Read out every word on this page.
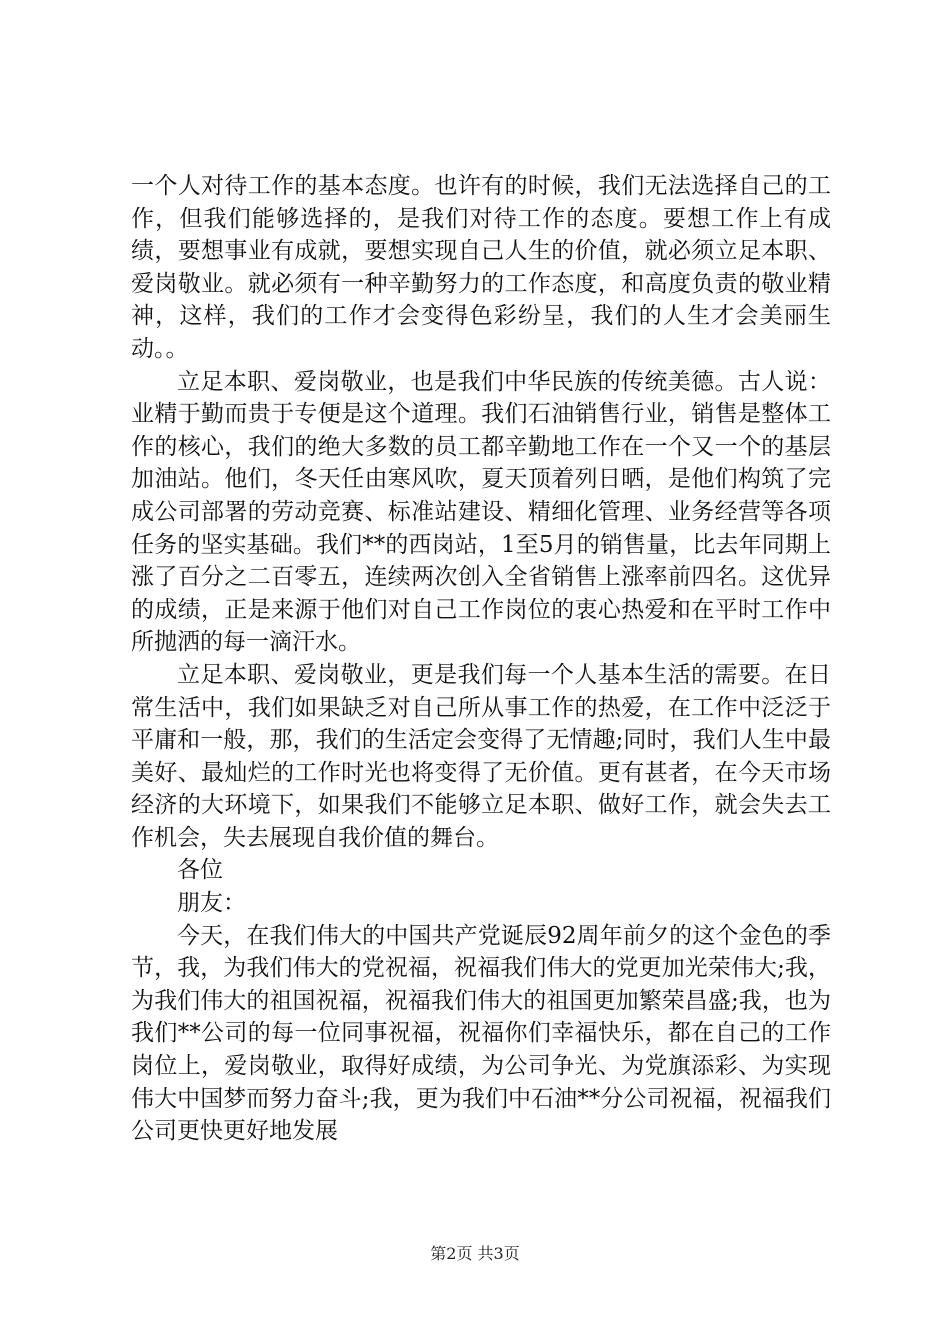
一个人对待工作的基本态度。也许有的时候，我们无法选择自己的工作，但我们能够选择的，是我们对待工作的态度。要想工作上有成绩，要想事业有成就，要想实现自己人生的价值，就必须立足本职、爱岗敬业。就必须有一种辛勤努力的工作态度，和高度负责的敬业精神，这样，我们的工作才会变得色彩纷呈，我们的人生才会美丽生动。。

立足本职、爱岗敬业，也是我们中华民族的传统美德。古人说：业精于勤而贵于专便是这个道理。我们石油销售行业，销售是整体工作的核心，我们的绝大多数的员工都辛勤地工作在一个又一个的基层加油站。他们，冬天任由寒风吹，夏天顶着列日晒，是他们构筑了完成公司部署的劳动竞赛、标准站建设、精细化管理、业务经营等各项任务的坚实基础。我们**的西岗站，1至5月的销售量，比去年同期上涨了百分之二百零五，连续两次创入全省销售上涨率前四名。这优异的成绩，正是来源于他们对自己工作岗位的衷心热爱和在平时工作中所抛洒的每一滴汗水。

立足本职、爱岗敬业，更是我们每一个人基本生活的需要。在日常生活中，我们如果缺乏对自己所从事工作的热爱，在工作中泛泛于平庸和一般，那，我们的生活定会变得了无情趣;同时，我们人生中最美好、最灿烂的工作时光也将变得了无价值。更有甚者，在今天市场经济的大环境下，如果我们不能够立足本职、做好工作，就会失去工作机会，失去展现自我价值的舞台。

各位

朋友：

今天，在我们伟大的中国共产党诞辰92周年前夕的这个金色的季节，我，为我们伟大的党祝福，祝福我们伟大的党更加光荣伟大;我，为我们伟大的祖国祝福，祝福我们伟大的祖国更加繁荣昌盛;我，也为我们**公司的每一位同事祝福，祝福你们幸福快乐，都在自己的工作岗位上，爱岗敬业，取得好成绩，为公司争光、为党旗添彩、为实现伟大中国梦而努力奋斗;我，更为我们中石油**分公司祝福，祝福我们公司更快更好地发展

第2页 共3页
